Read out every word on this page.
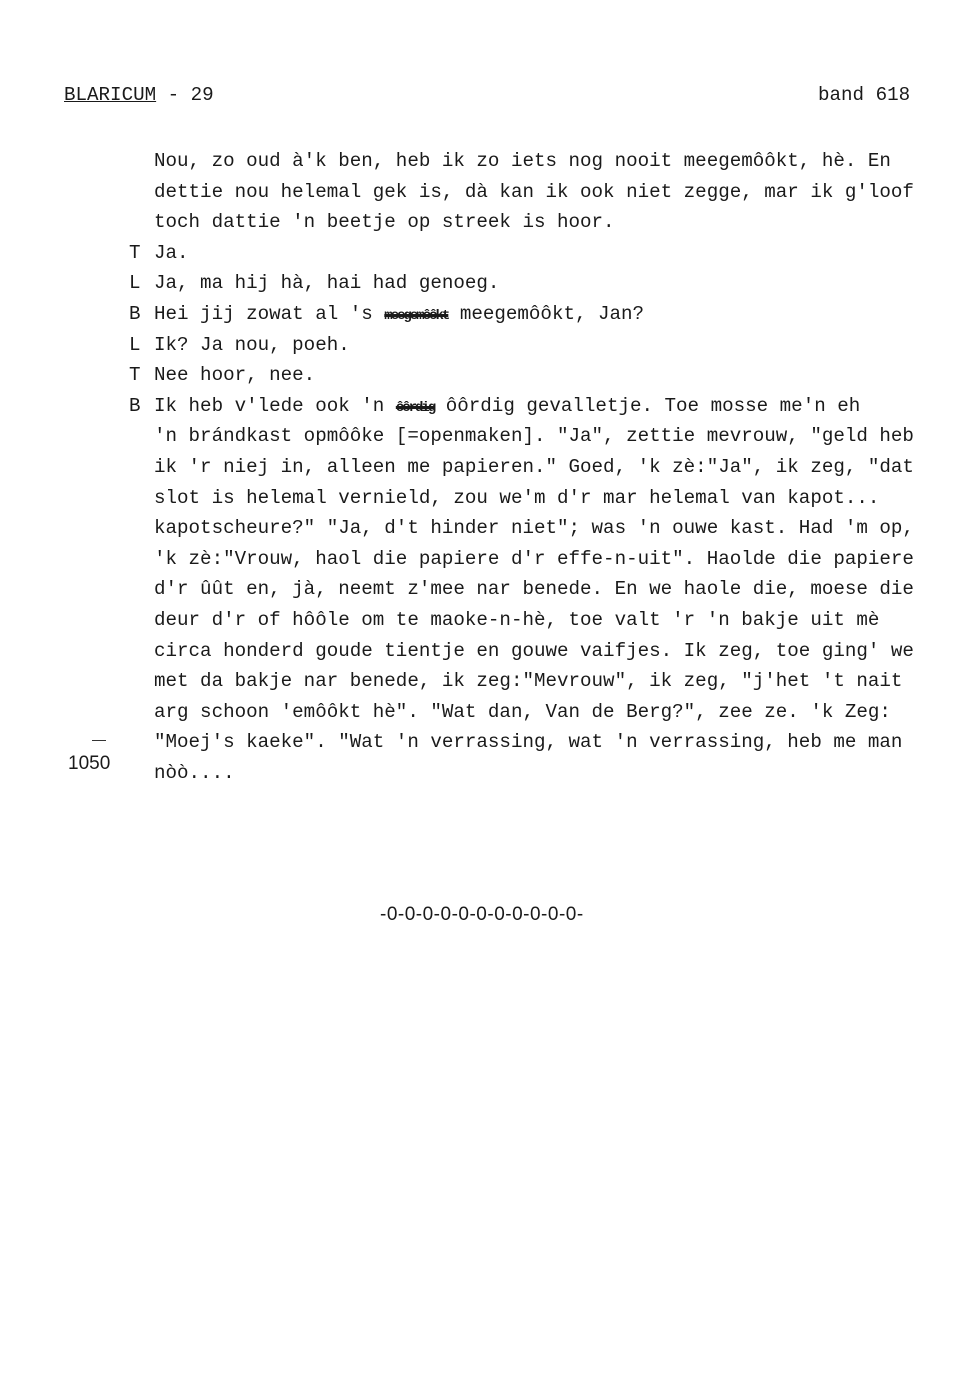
BLARICUM - 29	band 618
Nou, zo oud à'k ben, heb ik zo iets nog nooit meegemôôkt, hè. En
dettie nou helemal gek is, dà kan ik ook niet zegge, mar ik g'loof
toch dattie 'n beetje op streek is hoor.
T Ja.
L Ja, ma hij hà, hai had genoeg.
B Hei jij zowat al 's meegemôôkt meegemôôkt, Jan?
L Ik? Ja nou, poeh.
T Nee hoor, nee.
B Ik heb v'lede ook 'n ôôrdig ôôrdig gevalletje. Toe mosse me'n eh
'n brándkast opmôôke [=openmaken]. "Ja", zettie mevrouw, "geld heb
ik 'r niej in, alleen me papieren." Goed, 'k zè:"Ja", ik zeg, "dat
slot is helemal vernield, zou we'm d'r mar helemal van kapot...
kapotscheure?" "Ja, d't hinder niet"; was 'n ouwe kast. Had 'm op,
'k zè:"Vrouw, haol die papiere d'r effe-n-uit". Haolde die papiere
d'r ûût en, jà, neemt z'mee nar benede. En we haole die, moese die
deur d'r of hôôle om te maoke-n-hè, toe valt 'r 'n bakje uit mè
circa honderd goude tientje en gouwe vaifjes. Ik zeg, toe ging' we
met da bakje nar benede, ik zeg:"Mevrouw", ik zeg, "j'het 't nait
arg schoon 'emôôkt hè". "Wat dan, Van de Berg?", zee ze. 'k Zeg:
"Moej's kaeke". "Wat 'n verrassing, wat 'n verrassing, heb me man
nòò....
1050
-0-0-0-0-0-0-0-0-0-0-0-
